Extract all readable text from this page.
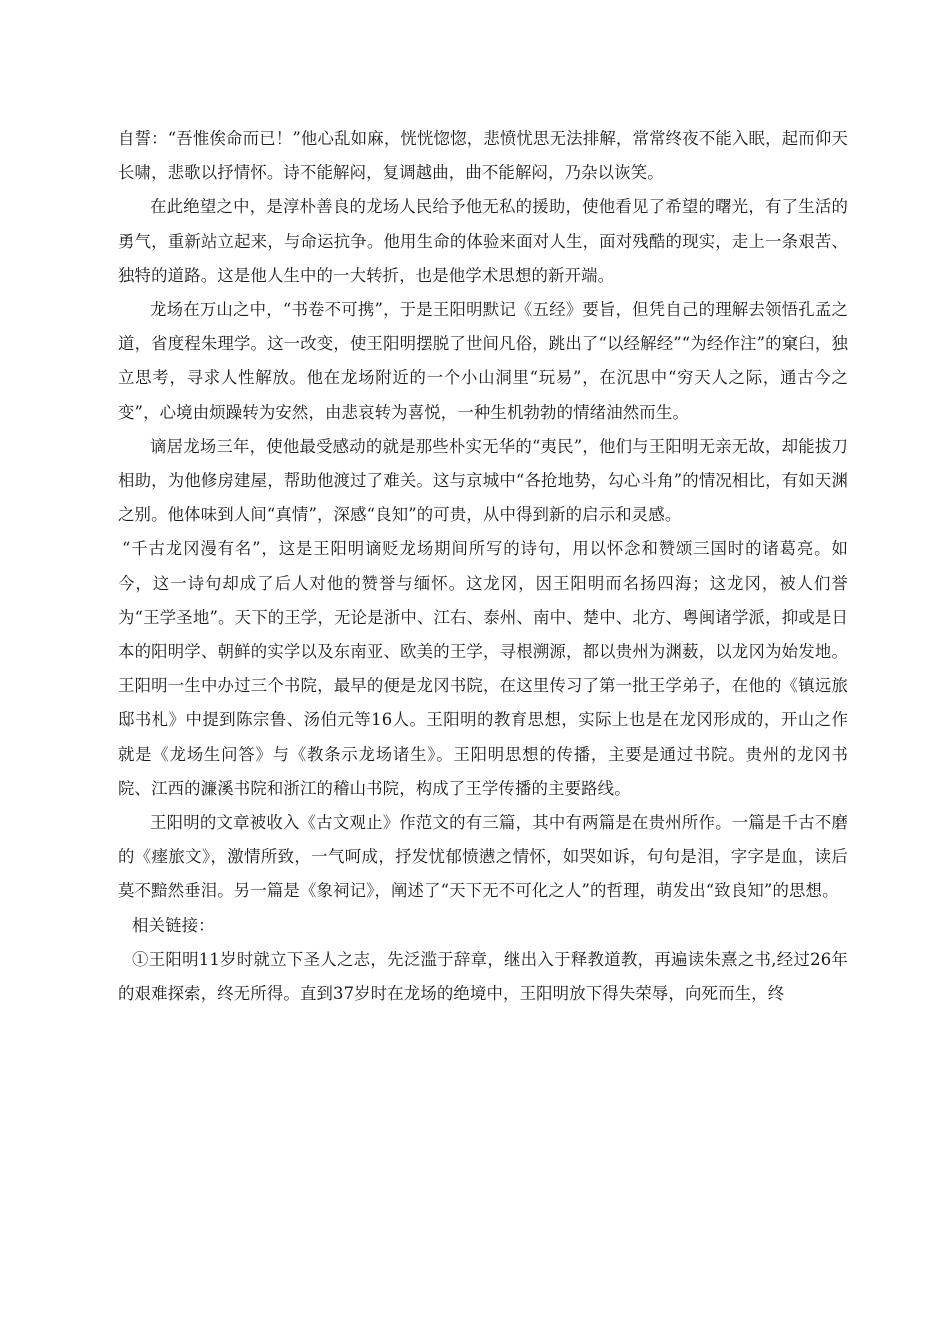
自誓：“吾惟俟命而已！”他心乱如麻，恍恍惚惚，悲愤忧思无法排解，常常终夜不能入眠，起而仰天长啸，悲歌以抒情怀。诗不能解闷，复调越曲，曲不能解闷，乃杂以诙笑。

在此绝望之中，是淳朴善良的龙场人民给予他无私的援助，使他看见了希望的曙光，有了生活的勇气，重新站立起来，与命运抗争。他用生命的体验来面对人生，面对残酷的现实，走上一条艰苦、独特的道路。这是他人生中的一大转折，也是他学术思想的新开端。

龙场在万山之中，“书卷不可携”，于是王阳明默记《五经》要旨，但凭自己的理解去领悟孔孟之道，省度程朱理学。这一改变，使王阳明摆脱了世间凡俗，跳出了“以经解经”“为经作注”的窠臼，独立思考，寻求人性解放。他在龙场附近的一个小山洞里“玩易”，在沉思中“穷天人之际，通古今之变”，心境由烦躁转为安然，由悲哀转为喜悦，一种生机勃勃的情绪油然而生。

谪居龙场三年，使他最受感动的就是那些朴实无华的“夷民”，他们与王阳明无亲无故，却能拔刀相助，为他修房建屋，帮助他渡过了难关。这与京城中“各抢地势，勾心斗角”的情况相比，有如天渊之别。他体味到人间“真情”，深感“良知”的可贵，从中得到新的启示和灵感。

“千古龙冈漫有名”，这是王阳明谪贬龙场期间所写的诗句，用以怀念和赞颂三国时的诸葛亮。如今，这一诗句却成了后人对他的赞誉与缅怀。这龙冈，因王阳明而名扬四海；这龙冈，被人们誉为“王学圣地”。天下的王学，无论是浙中、江右、泰州、南中、楚中、北方、粤闽诸学派，抑或是日本的阳明学、朝鲜的实学以及东南亚、欧美的王学，寻根溯源，都以贵州为渊薮，以龙冈为始发地。王阳明一生中办过三个书院，最早的便是龙冈书院，在这里传习了第一批王学弟子，在他的《镇远旅邸书札》中提到陈宗鲁、汤伯元等16人。王阳明的教育思想，实际上也是在龙冈形成的，开山之作就是《龙场生问答》与《教条示龙场诸生》。王阳明思想的传播，主要是通过书院。贵州的龙冈书院、江西的濂溪书院和浙江的稽山书院，构成了王学传播的主要路线。

王阳明的文章被收入《古文观止》作范文的有三篇，其中有两篇是在贵州所作。一篇是千古不磨的《瘗旅文》，激情所致，一气呵成，抒发忧郁愤懑之情怀，如哭如诉，句句是泪，字字是血，读后莫不黯然垂泪。另一篇是《象祠记》，阐述了“天下无不可化之人”的哲理，萌发出“致良知”的思想。

相关链接：

①王阳明11岁时就立下圣人之志，先泛滥于辞章，继出入于释教道教，再遍读朱熹之书,经过26年的艰难探索，终无所得。直到37岁时在龙场的绝境中，王阳明放下得失荣辱，向死而生，终
